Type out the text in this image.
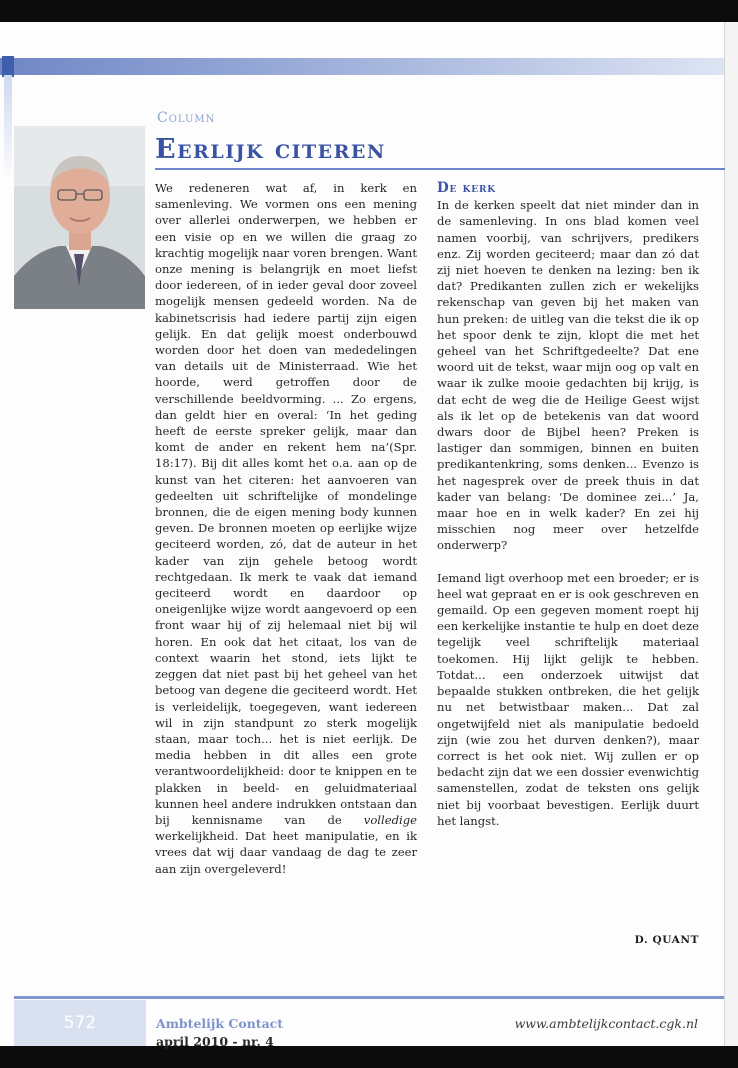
Column
Eerlijk citeren

We redeneren wat af, in kerk en samenleving. We vormen ons een mening over allerlei onderwerpen, we hebben er een visie op en we willen die graag zo krachtig mogelijk naar voren brengen. Want onze mening is belangrijk en moet liefst door iedereen, of in ieder geval door zoveel mogelijk mensen gedeeld worden. Na de kabinetscrisis had iedere partij zijn eigen gelijk. En dat gelijk moest onderbouwd worden door het doen van mededelingen van details uit de Ministerraad. Wie het hoorde, werd getroffen door de verschillende beeldvorming. ... Zo ergens, dan geldt hier en overal: ‘In het geding heeft de eerste spreker gelijk, maar dan komt de ander en rekent hem na’(Spr. 18:17). Bij dit alles komt het o.a. aan op de kunst van het citeren: het aanvoeren van gedeelten uit schriftelijke of mondelinge bronnen, die de eigen mening body kunnen geven. De bronnen moeten op eerlijke wijze geciteerd worden, zó, dat de auteur in het kader van zijn gehele betoog wordt rechtgedaan. Ik merk te vaak dat iemand geciteerd wordt en daardoor op oneigenlijke wijze wordt aangevoerd op een front waar hij of zij helemaal niet bij wil horen. En ook dat het citaat, los van de context waarin het stond, iets lijkt te zeggen dat niet past bij het geheel van het betoog van degene die geciteerd wordt. Het is verleidelijk, toegegeven, want iedereen wil in zijn standpunt zo sterk mogelijk staan, maar toch... het is niet eerlijk. De media hebben in dit alles een grote verantwoordelijkheid: door te knippen en te plakken in beeld- en geluidmateriaal kunnen heel andere indrukken ontstaan dan bij kennisname van de volledige werkelijkheid. Dat heet manipulatie, en ik vrees dat wij daar vandaag de dag te zeer aan zijn overgeleverd!

De kerk

In de kerken speelt dat niet minder dan in de samenleving. In ons blad komen veel namen voorbij, van schrijvers, predikers enz. Zij worden geciteerd; maar dan zó dat zij niet hoeven te denken na lezing: ben ik dat? Predikanten zullen zich er wekelijks rekenschap van geven bij het maken van hun preken: de uitleg van die tekst die ik op het spoor denk te zijn, klopt die met het geheel van het Schriftgedeelte? Dat ene woord uit de tekst, waar mijn oog op valt en waar ik zulke mooie gedachten bij krijg, is dat echt de weg die de Heilige Geest wijst als ik let op de betekenis van dat woord dwars door de Bijbel heen? Preken is lastiger dan sommigen, binnen en buiten predikantenkring, soms denken... Evenzo is het nagesprek over de preek thuis in dat kader van belang: ‘De dominee zei...’ Ja, maar hoe en in welk kader? En zei hij misschien nog meer over hetzelfde onderwerp?

Iemand ligt overhoop met een broeder; er is heel wat gepraat en er is ook geschreven en gemaild. Op een gegeven moment roept hij een kerkelijke instantie te hulp en doet deze tegelijk veel schriftelijk materiaal toekomen. Hij lijkt gelijk te hebben. Totdat... een onderzoek uitwijst dat bepaalde stukken ontbreken, die het gelijk nu net betwistbaar maken... Dat zal ongetwijfeld niet als manipulatie bedoeld zijn (wie zou het durven denken?), maar correct is het ook niet. Wij zullen er op bedacht zijn dat we een dossier evenwichtig samenstellen, zodat de teksten ons gelijk niet bij voorbaat bevestigen. Eerlijk duurt het langst.

D. QUANT
572	Ambtelijk Contact
april 2010 - nr. 4
www.ambtelijkcontact.cgk.nl
